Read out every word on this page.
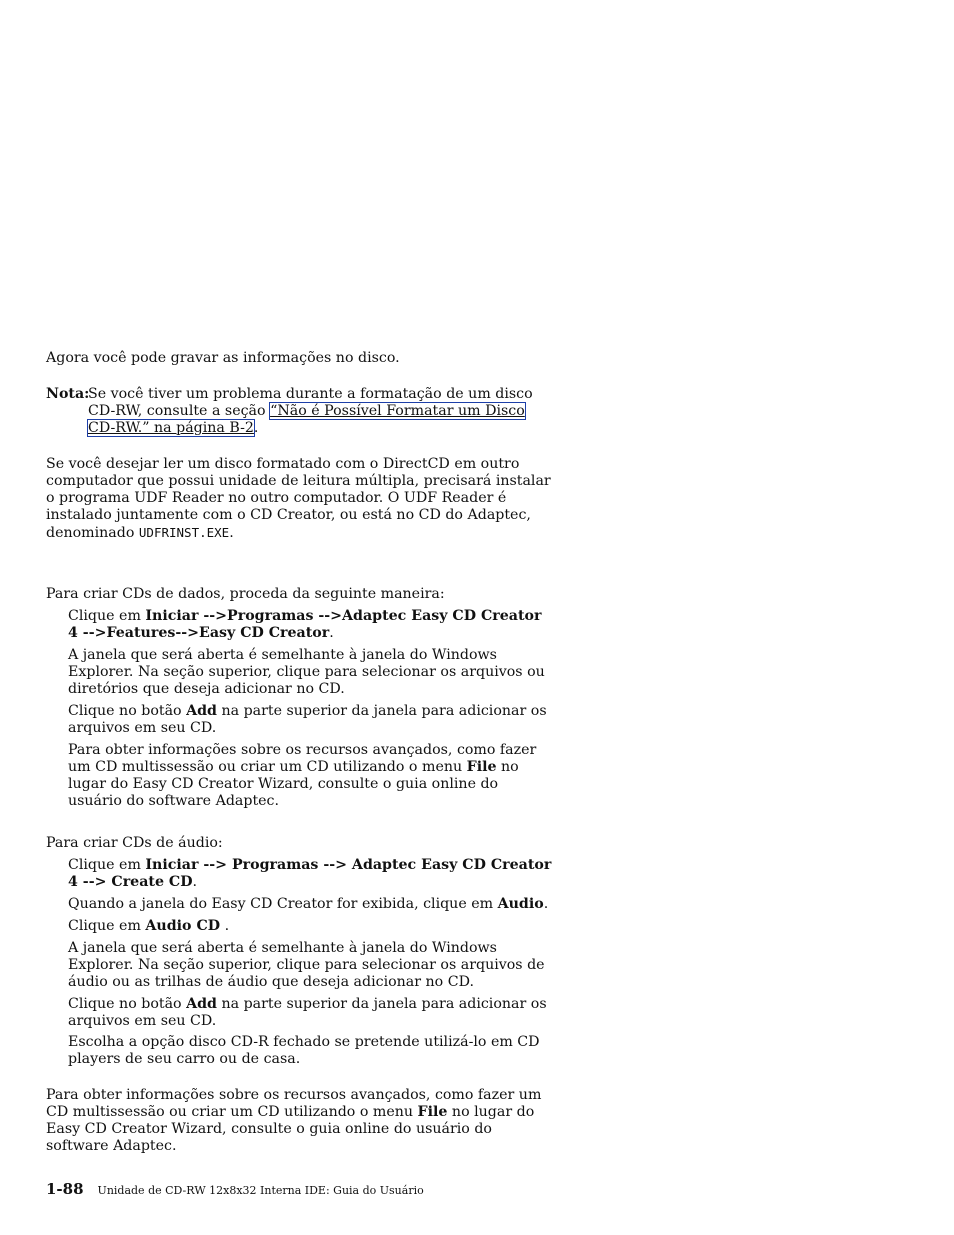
Agora você pode gravar as informações no disco.

Nota:
Se você tiver um problema durante a formatação de um disco CD-RW, consulte a seção “Não é Possível Formatar um Disco CD-RW.” na página B-2.

Se você desejar ler um disco formatado com o DirectCD em outro computador que possui unidade de leitura múltipla, precisará instalar o programa UDF Reader no outro computador. O UDF Reader é instalado juntamente com o CD Creator, ou está no CD do Adaptec, denominado UDFRINST.EXE.

Para criar CDs de dados, proceda da seguinte maneira:

Clique em Iniciar -->Programas -->Adaptec Easy CD Creator 4 -->Features-->Easy CD Creator.

A janela que será aberta é semelhante à janela do Windows Explorer. Na seção superior, clique para selecionar os arquivos ou diretórios que deseja adicionar no CD.

Clique no botão Add na parte superior da janela para adicionar os arquivos em seu CD.

Para obter informações sobre os recursos avançados, como fazer um CD multissessão ou criar um CD utilizando o menu File no lugar do Easy CD Creator Wizard, consulte o guia online do usuário do software Adaptec.

Para criar CDs de áudio:

Clique em Iniciar --> Programas --> Adaptec Easy CD Creator 4 --> Create CD.

Quando a janela do Easy CD Creator for exibida, clique em Audio.

Clique em Audio CD .

A janela que será aberta é semelhante à janela do Windows Explorer. Na seção superior, clique para selecionar os arquivos de áudio ou as trilhas de áudio que deseja adicionar no CD.

Clique no botão Add na parte superior da janela para adicionar os arquivos em seu CD.

Escolha a opção disco CD-R fechado se pretende utilizá-lo em CD players de seu carro ou de casa.

Para obter informações sobre os recursos avançados, como fazer um CD multissessão ou criar um CD utilizando o menu File no lugar do Easy CD Creator Wizard, consulte o guia online do usuário do software Adaptec.

1-88 Unidade de CD-RW 12x8x32 Interna IDE: Guia do Usuário
